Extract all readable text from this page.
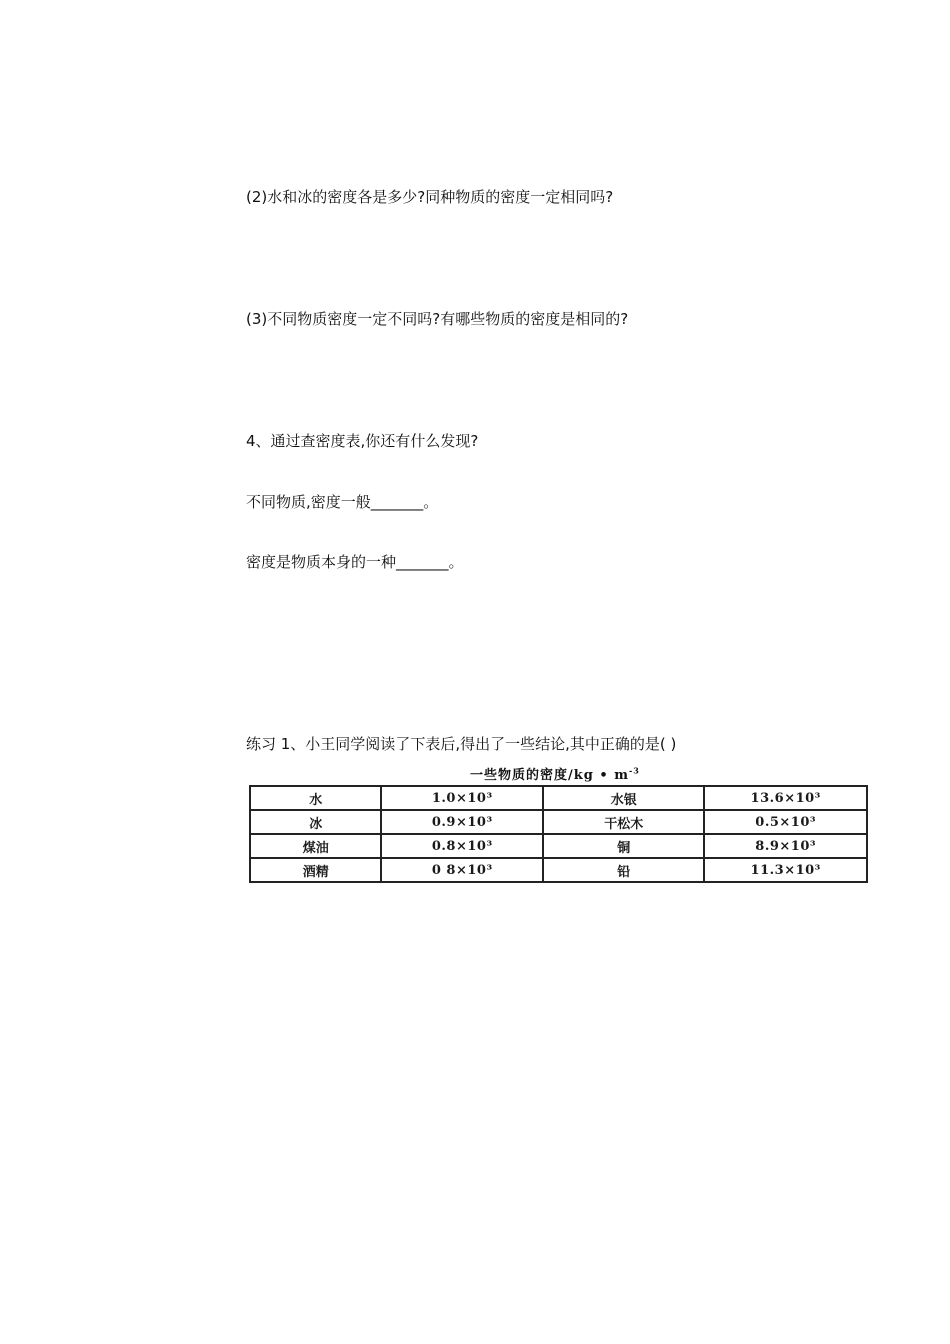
(2)水和冰的密度各是多少?同种物质的密度一定相同吗?

(3)不同物质密度一定不同吗?有哪些物质的密度是相同的?

4、通过查密度表,你还有什么发现?

不同物质,密度一般_______。

密度是物质本身的一种_______。

练习 1、小王同学阅读了下表后,得出了一些结论,其中正确的是( )

一些物质的密度/kg • $m^{-3}$
水	1.0×10³	水银	13.6×10³
冰	0.9×10³	干松木	0.5×10³
煤油	0.8×10³	铜	8.9×10³
酒精	0 8×10³	铅	11.3×10³
